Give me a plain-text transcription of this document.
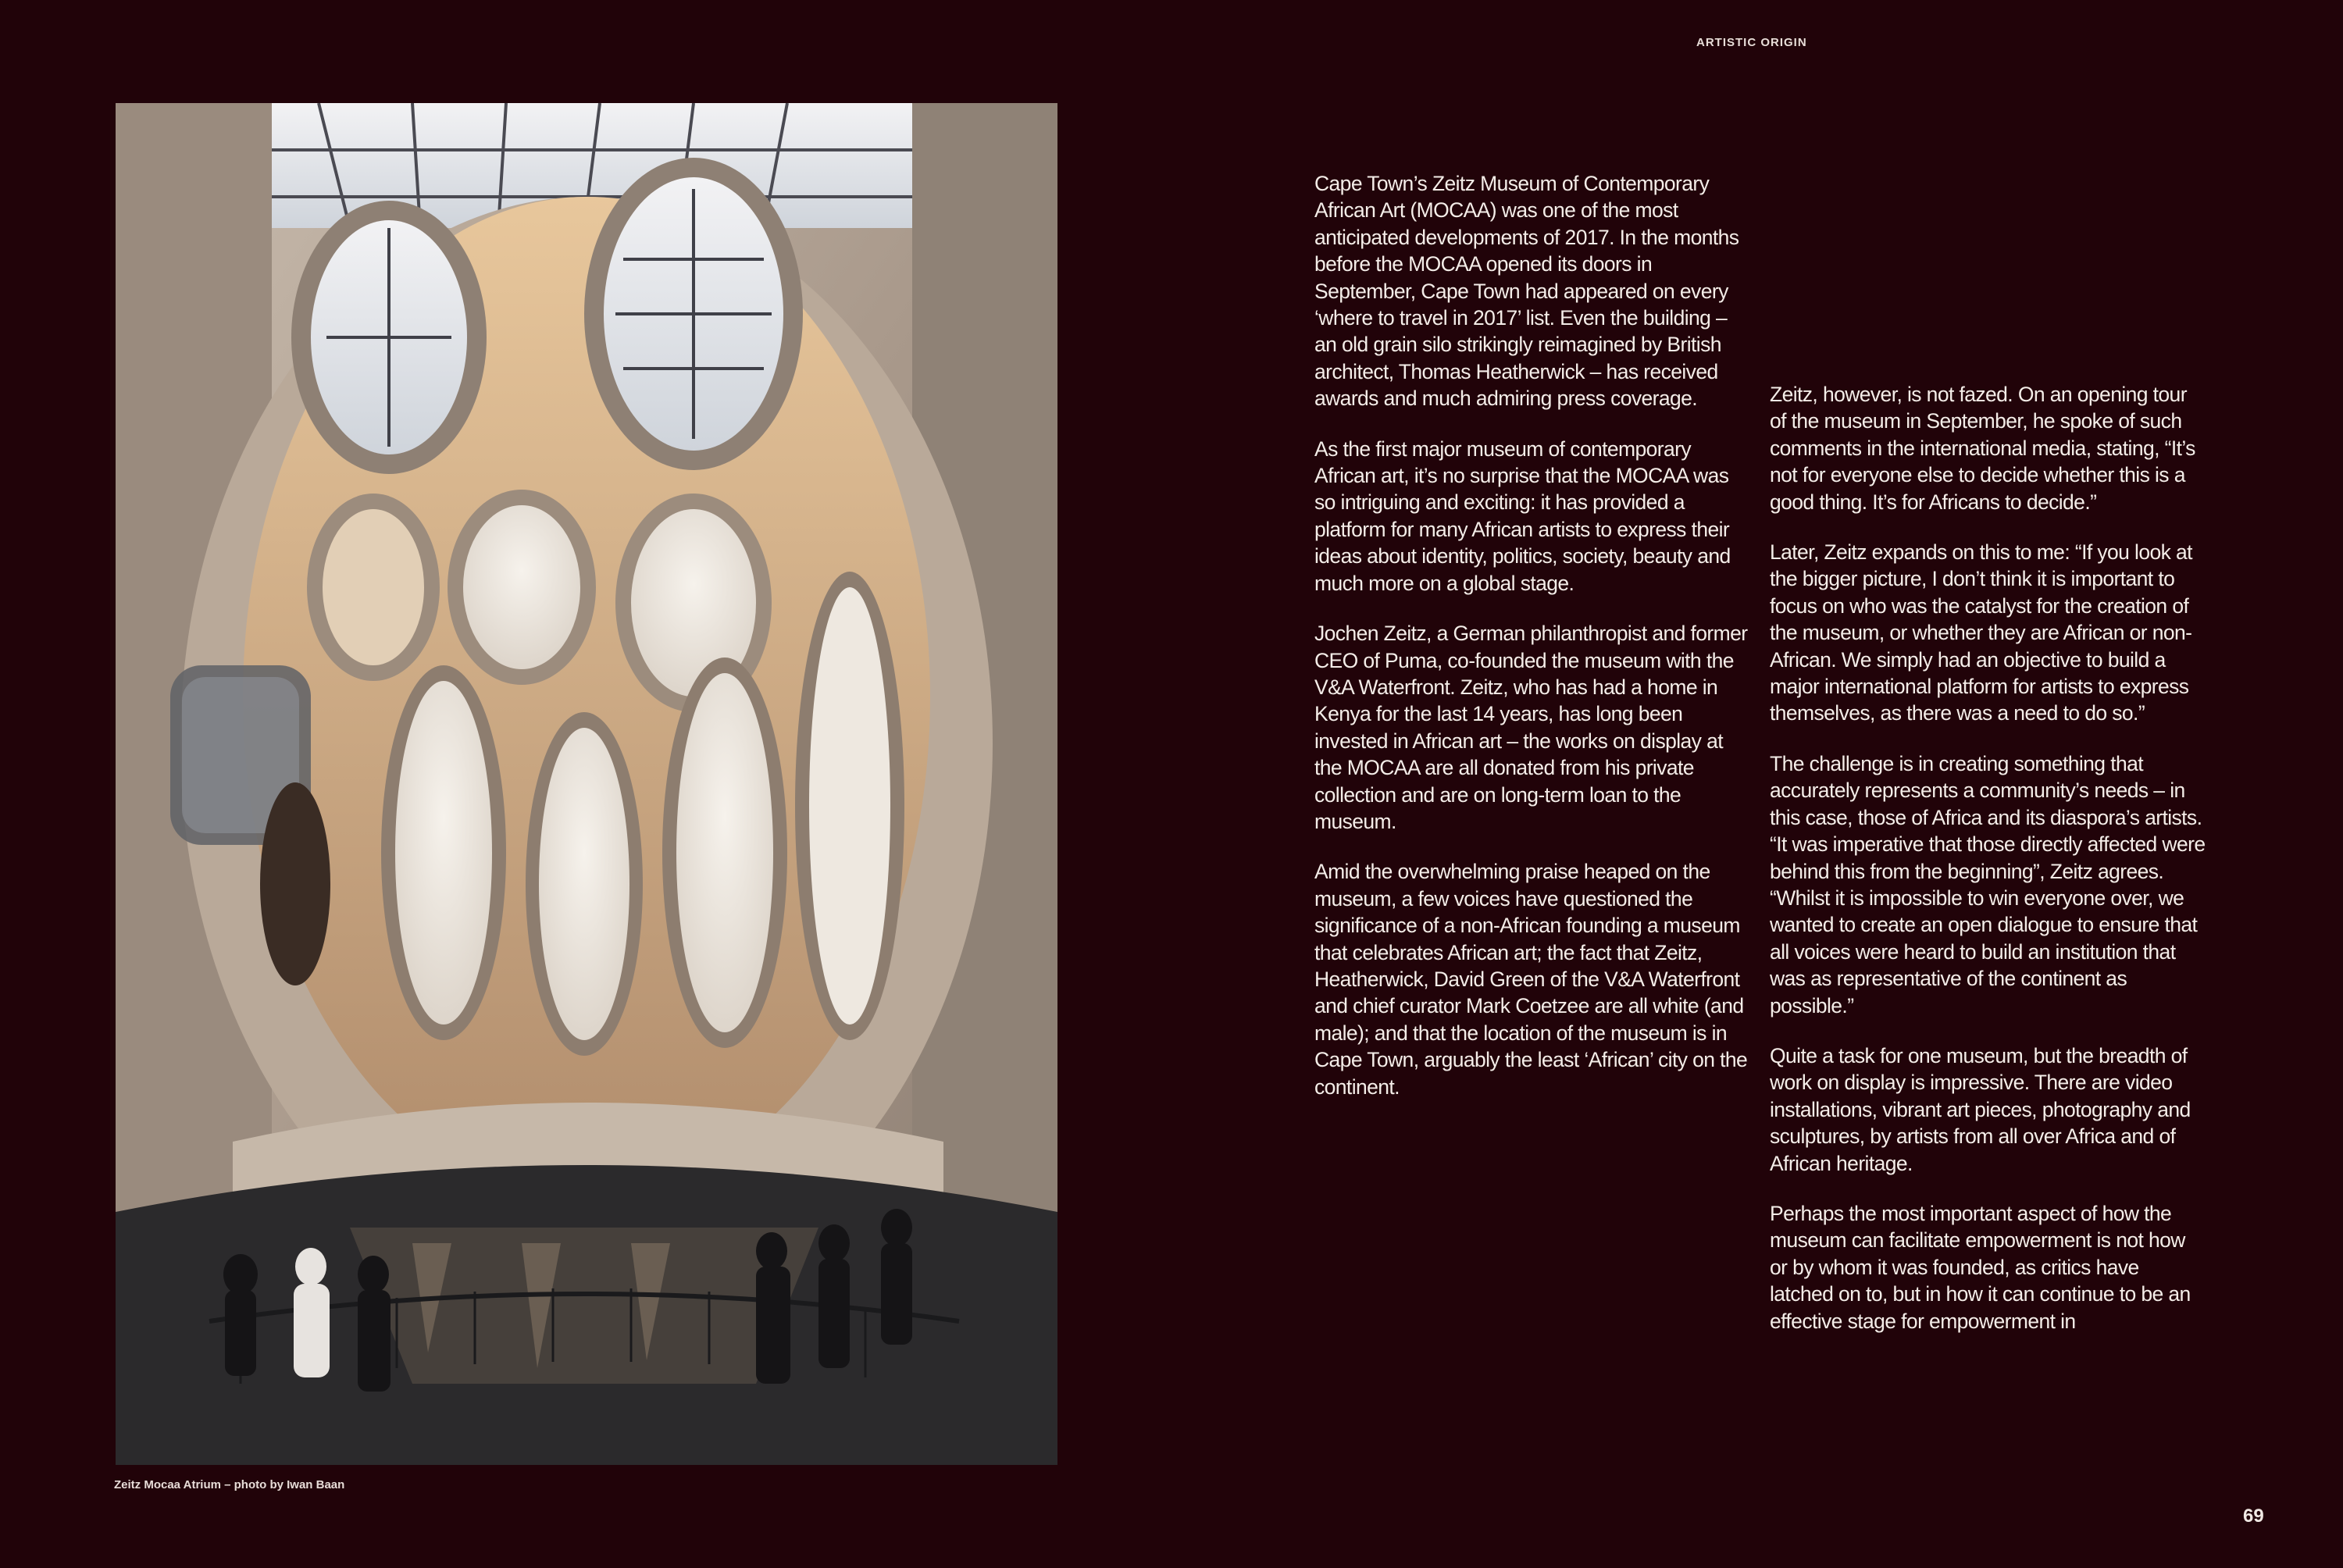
ARTISTIC ORIGIN
Zeitz Mocaa Atrium – photo by Iwan Baan

Cape Town’s Zeitz Museum of Contemporary African Art (MOCAA) was one of the most anticipated developments of 2017. In the months before the MOCAA opened its doors in September, Cape Town had appeared on every ‘where to travel in 2017’ list. Even the building – an old grain silo strikingly reimagined by British architect, Thomas Heatherwick – has received awards and much admiring press coverage.

As the first major museum of contemporary African art, it’s no surprise that the MOCAA was so intriguing and exciting: it has provided a platform for many African artists to express their ideas about identity, politics, society, beauty and much more on a global stage.

Jochen Zeitz, a German philanthropist and former CEO of Puma, co-founded the museum with the V&A Waterfront. Zeitz, who has had a home in Kenya for the last 14 years, has long been invested in African art – the works on display at the MOCAA are all donated from his private collection and are on long-term loan to the museum.

Amid the overwhelming praise heaped on the museum, a few voices have questioned the significance of a non-African founding a museum that celebrates African art; the fact that Zeitz, Heatherwick, David Green of the V&A Waterfront and chief curator Mark Coetzee are all white (and male); and that the location of the museum is in Cape Town, arguably the least ‘African’ city on the continent.

Zeitz, however, is not fazed. On an opening tour of the museum in September, he spoke of such comments in the international media, stating, “It’s not for everyone else to decide whether this is a good thing. It’s for Africans to decide.”

Later, Zeitz expands on this to me: “If you look at the bigger picture, I don’t think it is important to focus on who was the catalyst for the creation of the museum, or whether they are African or non-African. We simply had an objective to build a major international platform for artists to express themselves, as there was a need to do so.”

The challenge is in creating something that accurately represents a community’s needs – in this case, those of Africa and its diaspora’s artists. “It was imperative that those directly affected were behind this from the beginning”, Zeitz agrees. “Whilst it is impossible to win everyone over, we wanted to create an open dialogue to ensure that all voices were heard to build an institution that was as representative of the continent as possible.”

Quite a task for one museum, but the breadth of work on display is impressive. There are video installations, vibrant art pieces, photography and sculptures, by artists from all over Africa and of African heritage.

Perhaps the most important aspect of how the museum can facilitate empowerment is not how or by whom it was founded, as critics have latched on to, but in how it can continue to be an effective stage for empowerment in

69
